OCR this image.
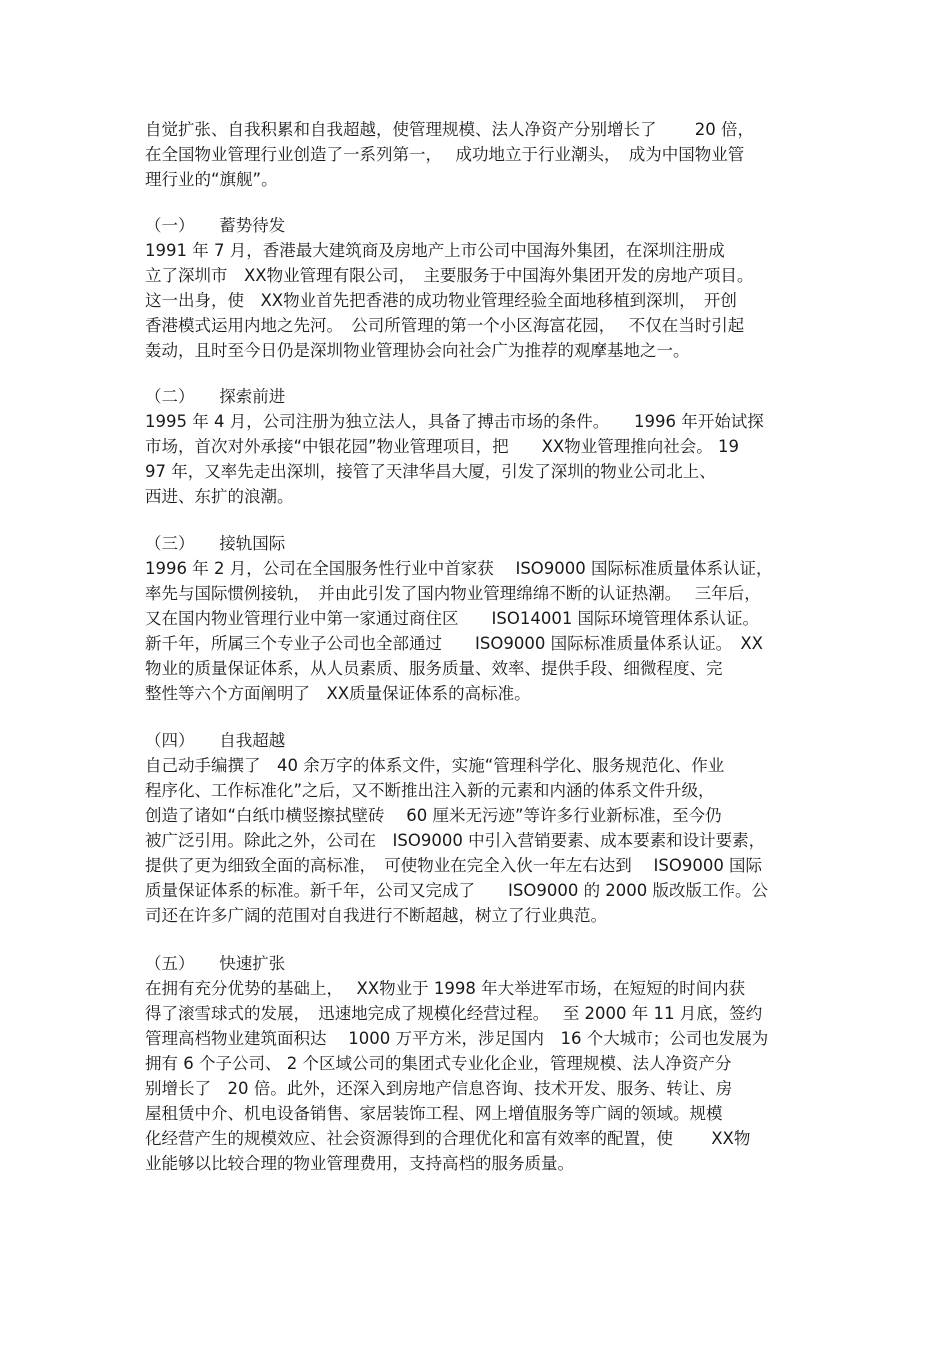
自觉扩张、自我积累和自我超越，使管理规模、法人净资产分别增长了　　 20 倍，
在全国物业管理行业创造了一系列第一，　 成功地立于行业潮头，　成为中国物业管
理行业的“旗舰”。
（一）　　蓄势待发
1991 年 7 月，香港最大建筑商及房地产上市公司中国海外集团，在深圳注册成
立了深圳市　XX物业管理有限公司，　主要服务于中国海外集团开发的房地产项目。
这一出身，使　XX物业首先把香港的成功物业管理经验全面地移植到深圳，　开创
香港模式运用内地之先河。　公司所管理的第一个小区海富花园，　 不仅在当时引起
轰动，且时至今日仍是深圳物业管理协会向社会广为推荐的观摩基地之一。
（二）　　探索前进
1995 年 4 月，公司注册为独立法人，具备了搏击市场的条件。　　1996 年开始试探
市场，首次对外承接“中银花园”物业管理项目，把　　XX物业管理推向社会。 19
97 年，又率先走出深圳，接管了天津华昌大厦，引发了深圳的物业公司北上、
西进、东扩的浪潮。
（三）　　接轨国际
1996 年 2 月，公司在全国服务性行业中首家获　 ISO9000 国际标准质量体系认证，
率先与国际惯例接轨，　并由此引发了国内物业管理绵绵不断的认证热潮。　 三年后，
又在国内物业管理行业中第一家通过商住区　　ISO14001 国际环境管理体系认证。
新千年，所属三个专业子公司也全部通过　　ISO9000 国际标准质量体系认证。　XX
物业的质量保证体系，从人员素质、服务质量、效率、提供手段、细微程度、完
整性等六个方面阐明了　XX质量保证体系的高标准。
（四）　　自我超越
自己动手编撰了　40 余万字的体系文件，实施“管理科学化、服务规范化、作业
程序化、工作标准化”之后，又不断推出注入新的元素和内涵的体系文件升级，
创造了诸如“白纸巾横竖擦拭壁砖　 60 厘米无污迹”等许多行业新标准，至今仍
被广泛引用。除此之外，公司在　ISO9000 中引入营销要素、成本要素和设计要素，
提供了更为细致全面的高标准，　可使物业在完全入伙一年左右达到　 ISO9000 国际
质量保证体系的标准。新千年，公司又完成了　　ISO9000 的 2000 版改版工作。公
司还在许多广阔的范围对自我进行不断超越，树立了行业典范。
（五）　　快速扩张
在拥有充分优势的基础上，　 XX物业于 1998 年大举进军市场，在短短的时间内获
得了滚雪球式的发展，　迅速地完成了规模化经营过程。　 至 2000 年 11 月底，签约
管理高档物业建筑面积达　 1000 万平方米，涉足国内　16 个大城市；公司也发展为
拥有 6 个子公司、 2 个区域公司的集团式专业化企业，管理规模、法人净资产分
别增长了　20 倍。此外，还深入到房地产信息咨询、技术开发、服务、转让、房
屋租赁中介、机电设备销售、家居装饰工程、网上增值服务等广阔的领域。规模
化经营产生的规模效应、社会资源得到的合理优化和富有效率的配置，使　　 XX物
业能够以比较合理的物业管理费用，支持高档的服务质量。
